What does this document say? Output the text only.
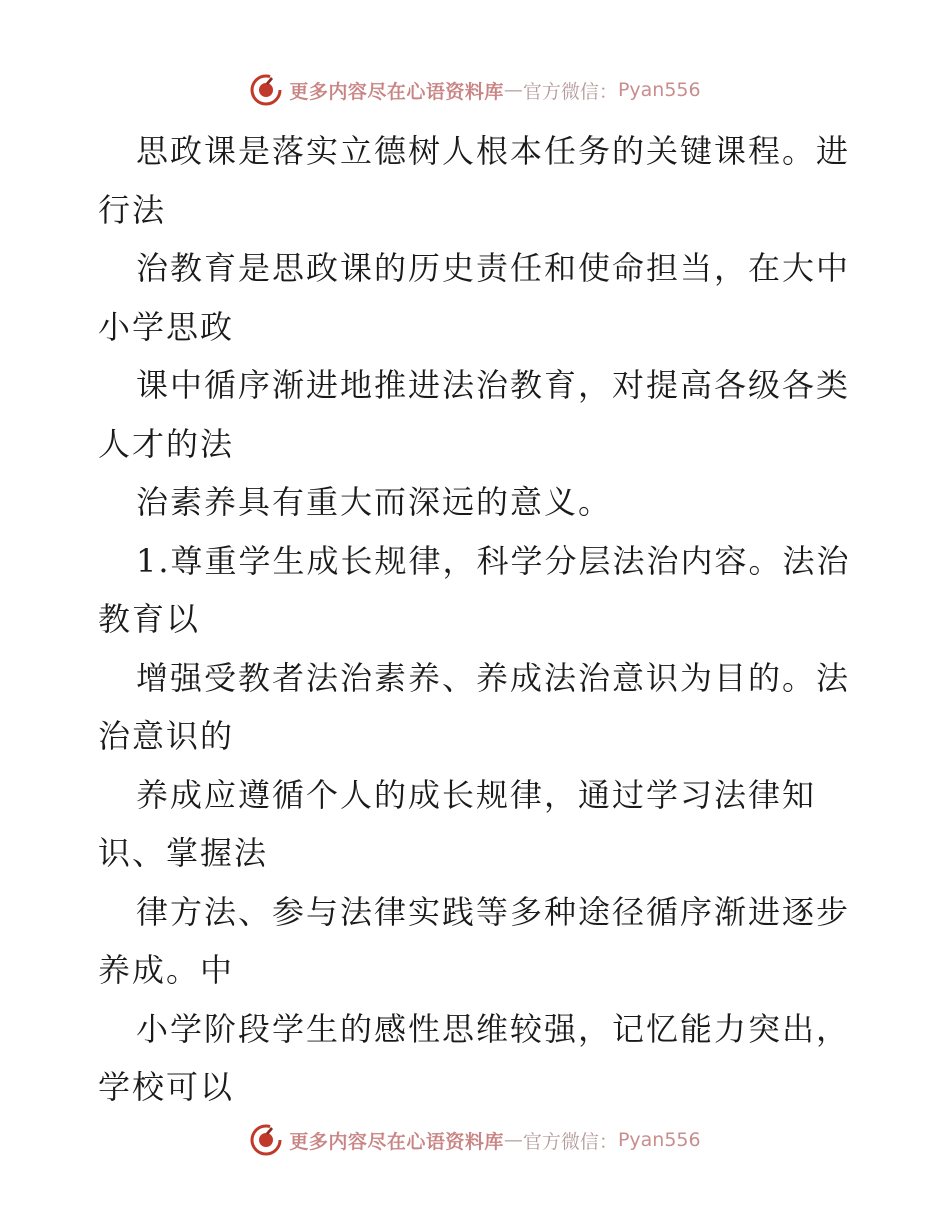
更多内容尽在心语资料库 — 官方微信： Pyan556
思政课是落实立德树人根本任务的关键课程。进
行法
治教育是思政课的历史责任和使命担当，在大中
小学思政
课中循序渐进地推进法治教育，对提高各级各类
人才的法
治素养具有重大而深远的意义。
1.尊重学生成长规律，科学分层法治内容。法治
教育以
增强受教者法治素养、养成法治意识为目的。法
治意识的
养成应遵循个人的成长规律，通过学习法律知
识、掌握法
律方法、参与法律实践等多种途径循序渐进逐步
养成。中
小学阶段学生的感性思维较强，记忆能力突出，
学校可以
更多内容尽在心语资料库 — 官方微信： Pyan556
